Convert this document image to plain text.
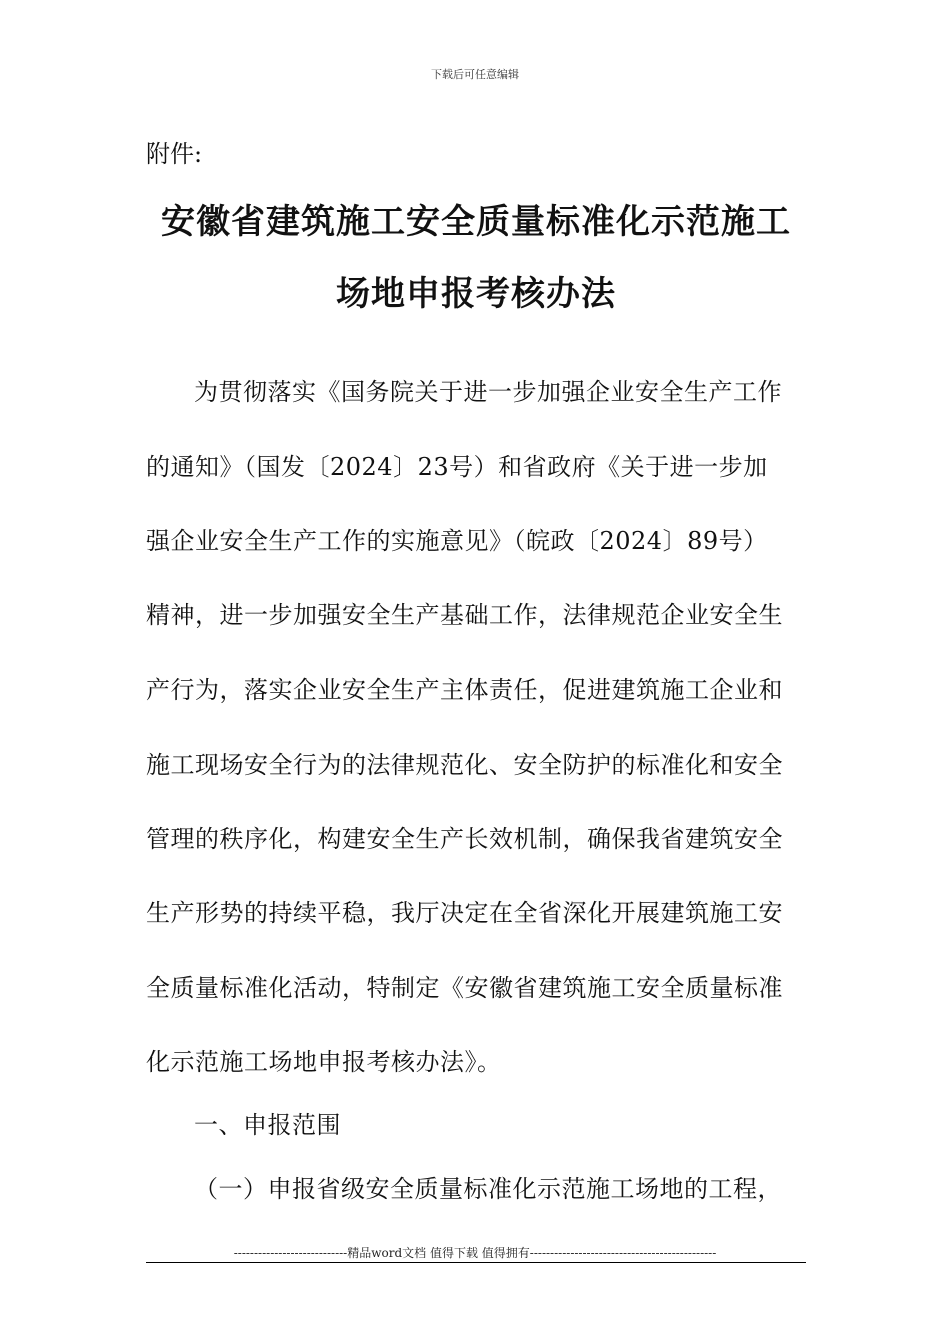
下载后可任意编辑
附件:
安徽省建筑施工安全质量标准化示范施工
场地申报考核办法
为贯彻落实《国务院关于进一步加强企业安全生产工作
的通知》（国发〔2024〕23号）和省政府《关于进一步加
强企业安全生产工作的实施意见》（皖政〔2024〕89号）
精神，进一步加强安全生产基础工作，法律规范企业安全生
产行为，落实企业安全生产主体责任，促进建筑施工企业和
施工现场安全行为的法律规范化、安全防护的标准化和安全
管理的秩序化，构建安全生产长效机制，确保我省建筑安全
生产形势的持续平稳，我厅决定在全省深化开展建筑施工安
全质量标准化活动，特制定《安徽省建筑施工安全质量标准
化示范施工场地申报考核办法》。
一、申报范围
（一）申报省级安全质量标准化示范施工场地的工程，
----------------------------精品word文档 值得下载 值得拥有----------------------------------------------
